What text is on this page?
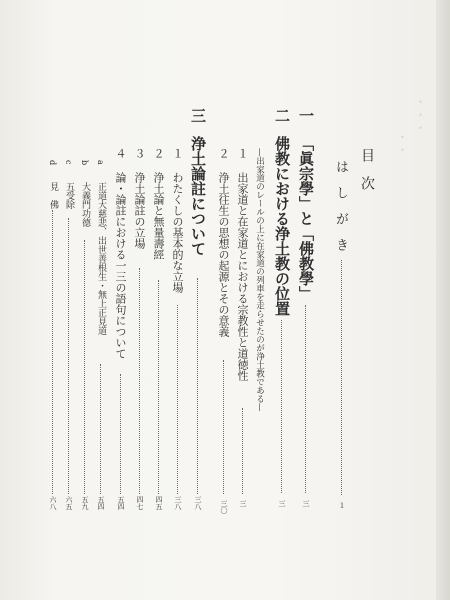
・・・
・・
目　次
は　し　が　き
１
一
「眞宗學」と「佛教學」
三
二
佛教における浄土教の位置
三
—出家道のレールの上に在家道の列車を走らせたのが浄土教である—
１
出家道と在家道とにおける宗教性と道徳性
三
２
浄土往生の思想の起源とその意義
三〇
三
浄土論註について
三八
１
わたくしの基本的な立場
三八
２
浄土論と無量壽經
四五
３
浄土論註の立場
四七
４
論・論註における一三の語句について
五四
a
正道大慈悲、出世善根生・無上正見道
五四
b
大義門功德
五九
c
五受除
六五
d
見　佛
六八
